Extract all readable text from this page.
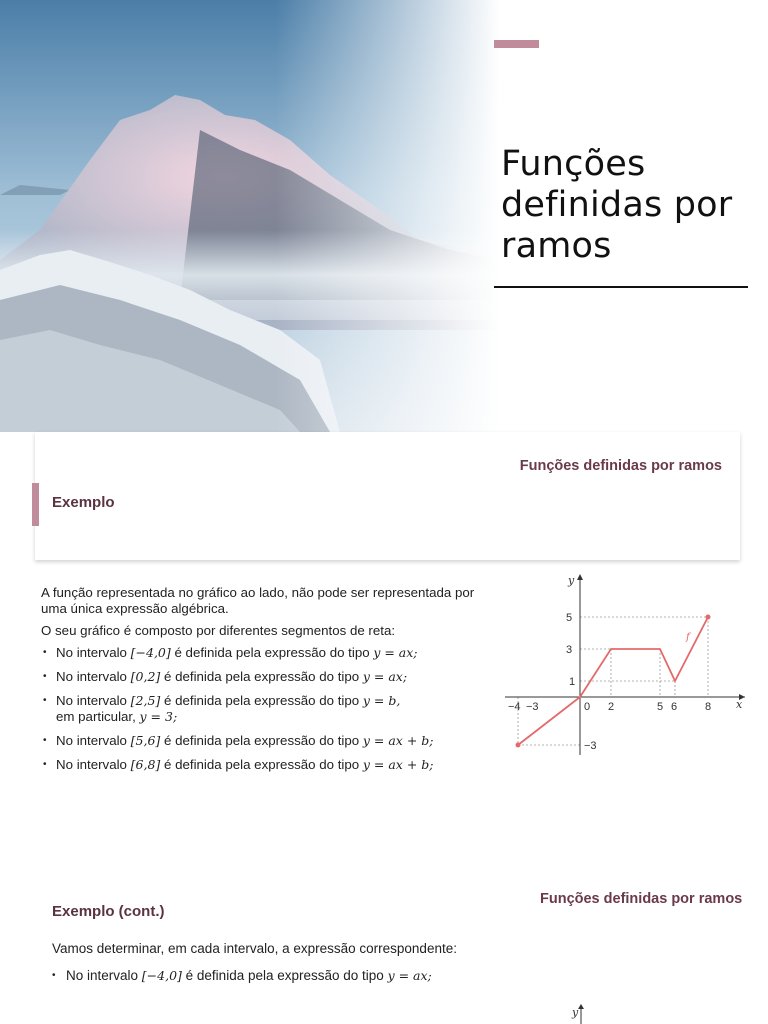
Funções definidas por ramos
Funções definidas por ramos
Exemplo

A função representada no gráfico ao lado, não pode ser representada por uma única expressão algébrica.

O seu gráfico é composto por diferentes segmentos de reta:

• No intervalo [−4,0] é definida pela expressão do tipo y = ax;
• No intervalo [0,2] é definida pela expressão do tipo y = ax;
• No intervalo [2,5] é definida pela expressão do tipo y = b,
em particular, y = 3;
• No intervalo [5,6] é definida pela expressão do tipo y = ax + b;
• No intervalo [6,8] é definida pela expressão do tipo y = ax + b;
y
x
f
5
3
1
−3
−4 −3	0 2	5 6	8
Funções definidas por ramos
Exemplo (cont.)

Vamos determinar, em cada intervalo, a expressão correspondente:

• No intervalo [−4,0] é definida pela expressão do tipo y = ax;
y
